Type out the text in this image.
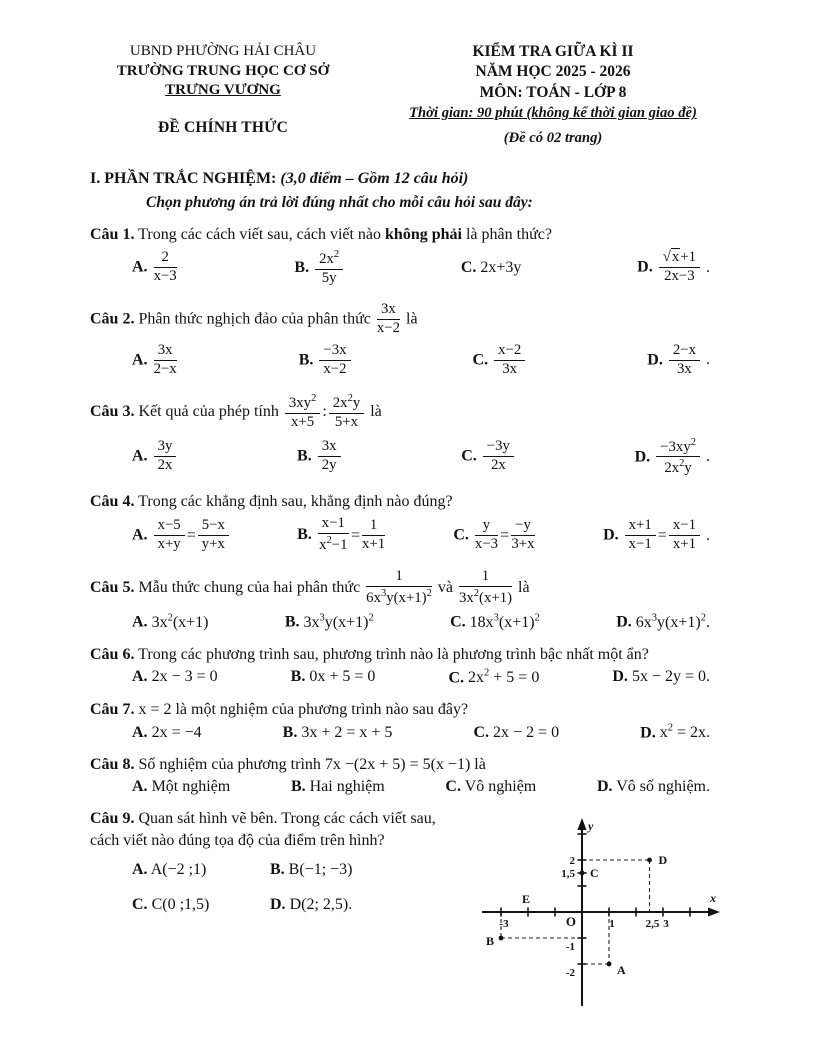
UBND PHƯỜNG HẢI CHÂU
TRƯỜNG TRUNG HỌC CƠ SỞ
TRƯNG VƯƠNG
ĐỀ CHÍNH THỨC
KIỂM TRA GIỮA KÌ II
NĂM HỌC 2025 - 2026
MÔN: TOÁN - LỚP 8
Thời gian: 90 phút (không kể thời gian giao đề)
(Đề có 02 trang)
I. PHẦN TRẮC NGHIỆM: (3,0 điểm – Gồm 12 câu hỏi)
Chọn phương án trả lời đúng nhất cho mỗi câu hỏi sau đây:
Câu 1. Trong các cách viết sau, cách viết nào không phải là phân thức?
A. $\frac{2}{x-3}$	B. $\frac{2x^2}{5y}$	C. 2x+3y	D. $\frac{√x+1}{2x-3}$ .
Câu 2. Phân thức nghịch đảo của phân thức $\frac{3x}{x-2}$ là
A. $\frac{3x}{2-x}$	B. $\frac{-3x}{x-2}$	C. $\frac{x-2}{3x}$	D. $\frac{2-x}{3x}$ .
Câu 3. Kết quả của phép tính $\frac{3xy^2}{x+5}$ : $\frac{2x^2y}{5+x}$ là
A. $\frac{3y}{2x}$	B. $\frac{3x}{2y}$	C. $\frac{-3y}{2x}$	D. $\frac{-3xy^2}{2x^2y}$ .
Câu 4. Trong các khẳng định sau, khẳng định nào đúng?
A. $\frac{x-5}{x+y} = \frac{5-x}{y+x}$	B. $\frac{x-1}{x^2-1} = \frac{1}{x+1}$	C. $\frac{y}{x-3} = \frac{-y}{3+x}$	D. $\frac{x+1}{x-1} = \frac{x-1}{x+1}$ .
Câu 5. Mẫu thức chung của hai phân thức $\frac{1}{6x^3y(x+1)^2}$ và $\frac{1}{3x^2(x+1)}$ là
A. $3x^2(x+1)$	B. $3x^3y(x+1)^2$	C. $18x^3(x+1)^2$	D. $6x^3y(x+1)^2$.
Câu 6. Trong các phương trình sau, phương trình nào là phương trình bậc nhất một ẩn?
A. 2x − 3 = 0	B. 0x + 5 = 0	C. $2x^2 + 5 = 0$	D. 5x − 2y = 0.
Câu 7. x = 2 là một nghiệm của phương trình nào sau đây?
A. 2x = −4	B. 3x + 2 = x + 5	C. 2x − 2 = 0	D. $x^2 = 2x$.
Câu 8. Số nghiệm của phương trình 7x −(2x + 5) = 5(x −1) là
A. Một nghiệm	B. Hai nghiệm	C. Vô nghiệm	D. Vô số nghiệm.
Câu 9. Quan sát hình vẽ bên. Trong các cách viết sau, cách viết nào đúng tọa độ của điểm trên hình?
A. A(−2 ;1)	B. B(−1; −3)
C. C(0 ;1,5)	D. D(2; 2,5).	x
y
O
-3	1	2,5 3
2
1,5
-1
-2	A
B
C
D
E
